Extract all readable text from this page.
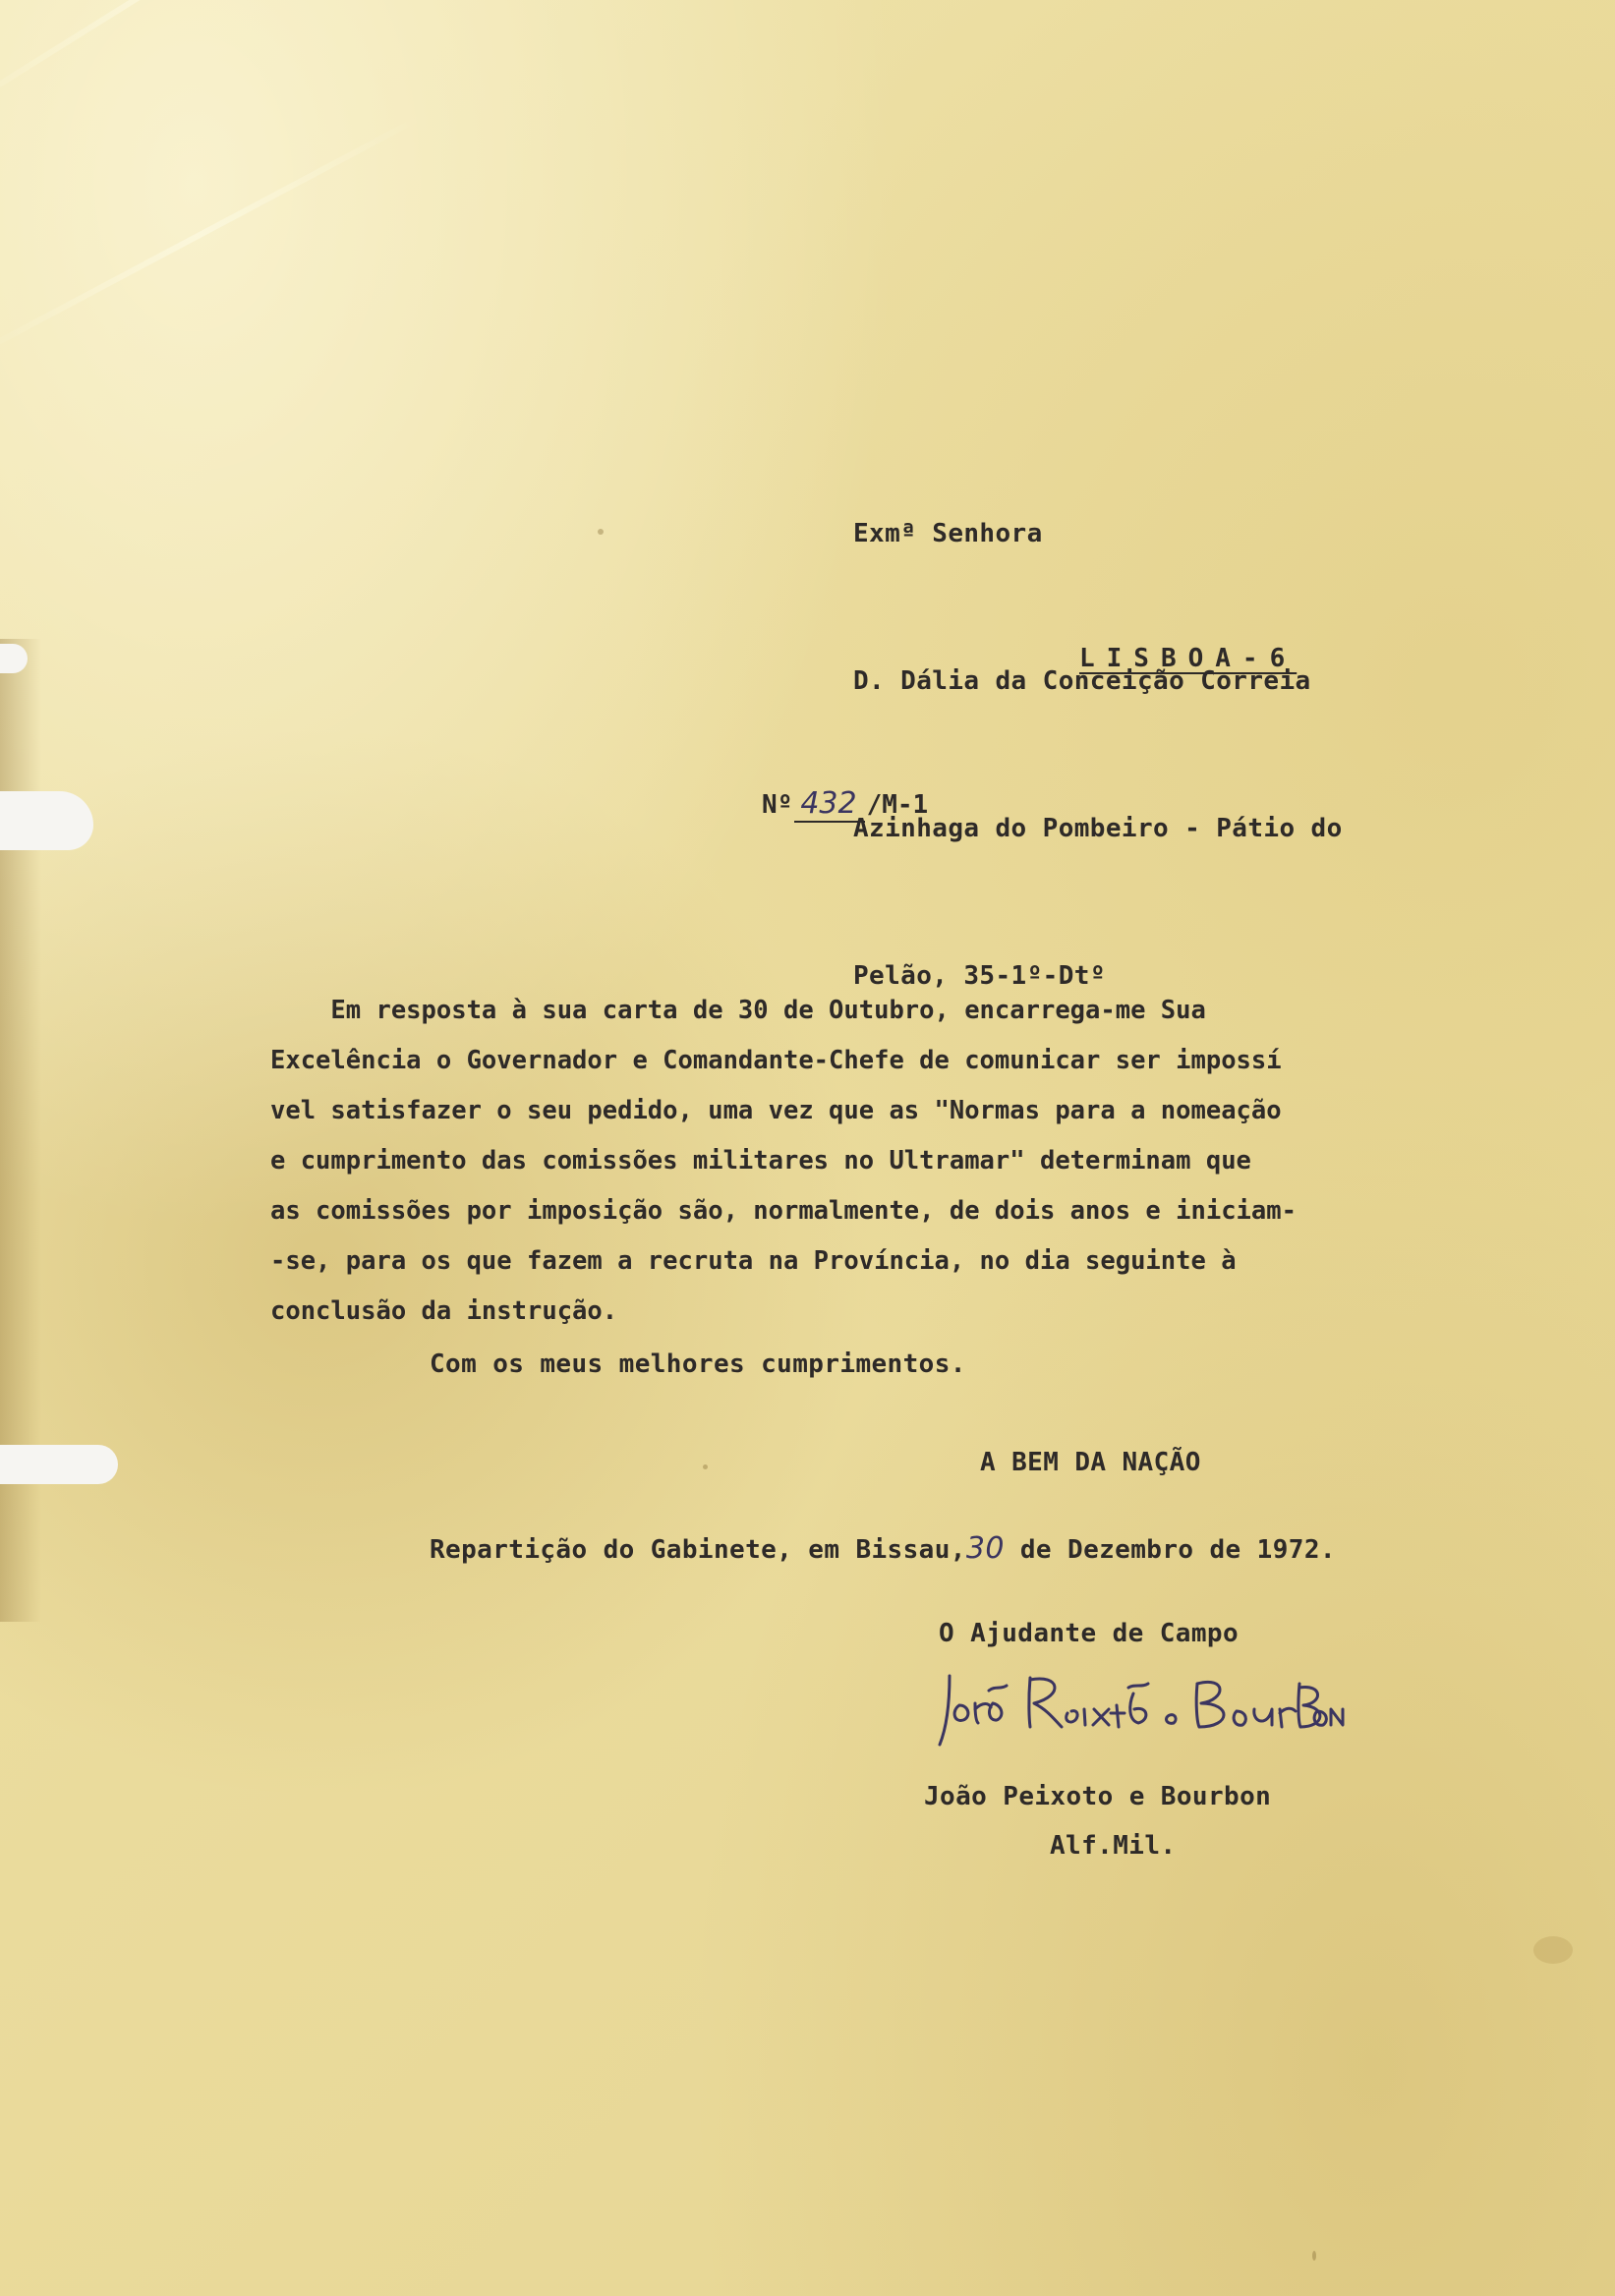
Exmª Senhora

D. Dália da Conceição Correia

Azinhaga do Pombeiro - Pátio do

Pelão, 35-1º-Dtº

LISBOA-6
Nº 432 /M-1
Em resposta à sua carta de 30 de Outubro, encarrega-me Sua
Excelência o Governador e Comandante-Chefe de comunicar ser impossí
vel satisfazer o seu pedido, uma vez que as "Normas para a nomeação
e cumprimento das comissões militares no Ultramar" determinam que
as comissões por imposição são, normalmente, de dois anos e iniciam-
-se, para os que fazem a recruta na Província, no dia seguinte à
conclusão da instrução.
Com os meus melhores cumprimentos.
A BEM DA NAÇÃO
Repartição do Gabinete, em Bissau,30 de Dezembro de 1972.
O Ajudante de Campo
João Peixoto e Bourbon
Alf.Mil.
